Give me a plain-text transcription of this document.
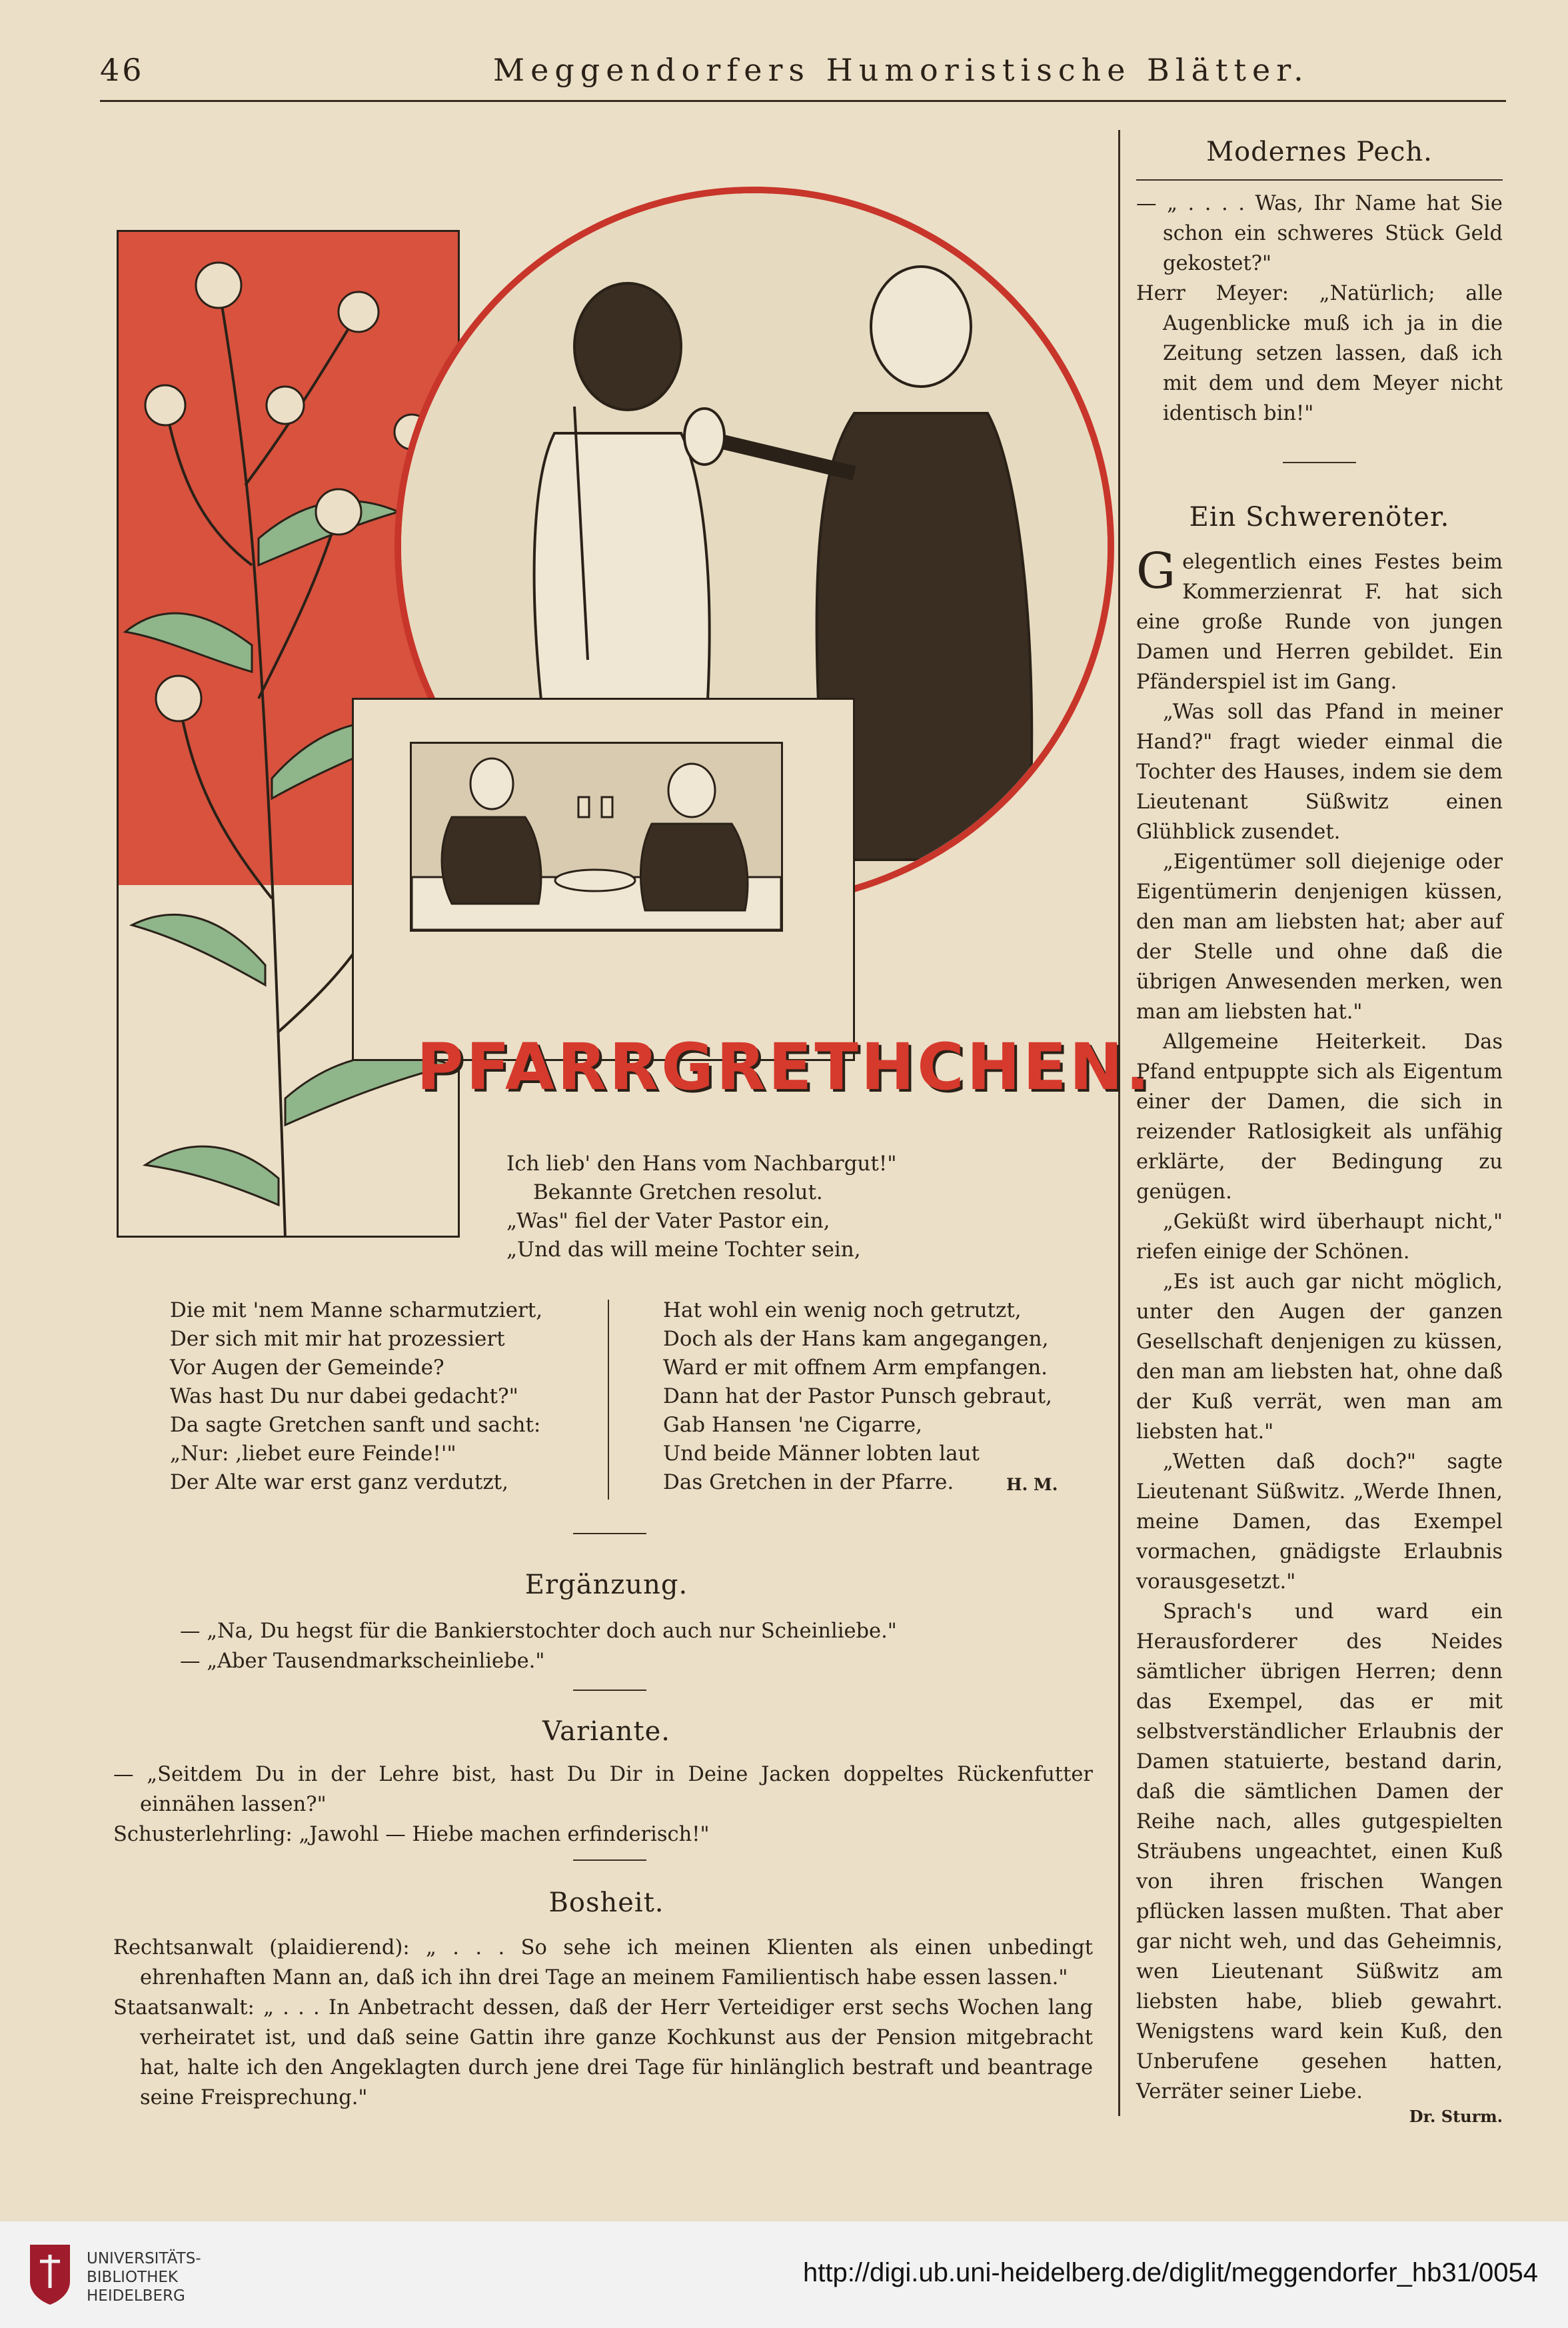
46	Meggendorfers Humoristische Blätter.
PFARRGRETHCHEN.
Ich lieb' den Hans vom Nachbargut!"
Bekannte Gretchen resolut.
„Was" fiel der Vater Pastor ein,
„Und das will meine Tochter sein,
Die mit 'nem Manne scharmutziert,
Der sich mit mir hat prozessiert
Vor Augen der Gemeinde?
Was hast Du nur dabei gedacht?"
Da sagte Gretchen sanft und sacht:
„Nur: ,liebet eure Feinde!'"
Der Alte war erst ganz verdutzt,
Hat wohl ein wenig noch getrutzt,
Doch als der Hans kam angegangen,
Ward er mit offnem Arm empfangen.
Dann hat der Pastor Punsch gebraut,
Gab Hansen 'ne Cigarre,
Und beide Männer lobten laut
Das Gretchen in der Pfarre.	H. M.
Ergänzung.

— „Na, Du hegst für die Bankierstochter doch auch nur Scheinliebe."

— „Aber Tausendmarkscheinliebe."

Variante.

— „Seitdem Du in der Lehre bist, hast Du Dir in Deine Jacken doppeltes Rückenfutter einnähen lassen?"

Schusterlehrling: „Jawohl — Hiebe machen erfinderisch!"

Bosheit.

Rechtsanwalt (plaidierend): „ . . . So sehe ich meinen Klienten als einen unbedingt ehrenhaften Mann an, daß ich ihn drei Tage an meinem Familientisch habe essen lassen."

Staatsanwalt: „ . . . In Anbetracht dessen, daß der Herr Verteidiger erst sechs Wochen lang verheiratet ist, und daß seine Gattin ihre ganze Kochkunst aus der Pension mitgebracht hat, halte ich den Angeklagten durch jene drei Tage für hinlänglich bestraft und beantrage seine Freisprechung."

Modernes Pech.

— „ . . . . Was, Ihr Name hat Sie schon ein schweres Stück Geld gekostet?"

Herr Meyer: „Natürlich; alle Augenblicke muß ich ja in die Zeitung setzen lassen, daß ich mit dem und dem Meyer nicht identisch bin!"

Ein Schwerenöter.
Gelegentlich eines Festes beim Kommerzienrat F. hat sich eine große Runde von jungen Damen und Herren gebildet. Ein Pfänderspiel ist im Gang.

„Was soll das Pfand in meiner Hand?" fragt wieder einmal die Tochter des Hauses, indem sie dem Lieutenant Süßwitz einen Glühblick zusendet.

„Eigentümer soll diejenige oder Eigentümerin denjenigen küssen, den man am liebsten hat; aber auf der Stelle und ohne daß die übrigen Anwesenden merken, wen man am liebsten hat."

Allgemeine Heiterkeit. Das Pfand entpuppte sich als Eigentum einer der Damen, die sich in reizender Ratlosigkeit als unfähig erklärte, der Bedingung zu genügen.

„Geküßt wird überhaupt nicht," riefen einige der Schönen.

„Es ist auch gar nicht möglich, unter den Augen der ganzen Gesellschaft denjenigen zu küssen, den man am liebsten hat, ohne daß der Kuß verrät, wen man am liebsten hat."

„Wetten daß doch?" sagte Lieutenant Süßwitz. „Werde Ihnen, meine Damen, das Exempel vormachen, gnädigste Erlaubnis vorausgesetzt."

Sprach's und ward ein Herausforderer des Neides sämtlicher übrigen Herren; denn das Exempel, das er mit selbstverständlicher Erlaubnis der Damen statuierte, bestand darin, daß die sämtlichen Damen der Reihe nach, alles gutgespielten Sträubens ungeachtet, einen Kuß von ihren frischen Wangen pflücken lassen mußten. That aber gar nicht weh, und das Geheimnis, wen Lieutenant Süßwitz am liebsten habe, blieb gewahrt. Wenigstens ward kein Kuß, den Unberufene gesehen hatten, Verräter seiner Liebe.

Dr. Sturm.
UNIVERSITÄTS-
BIBLIOTHEK
HEIDELBERG
http://digi.ub.uni-heidelberg.de/diglit/meggendorfer_hb31/0054
